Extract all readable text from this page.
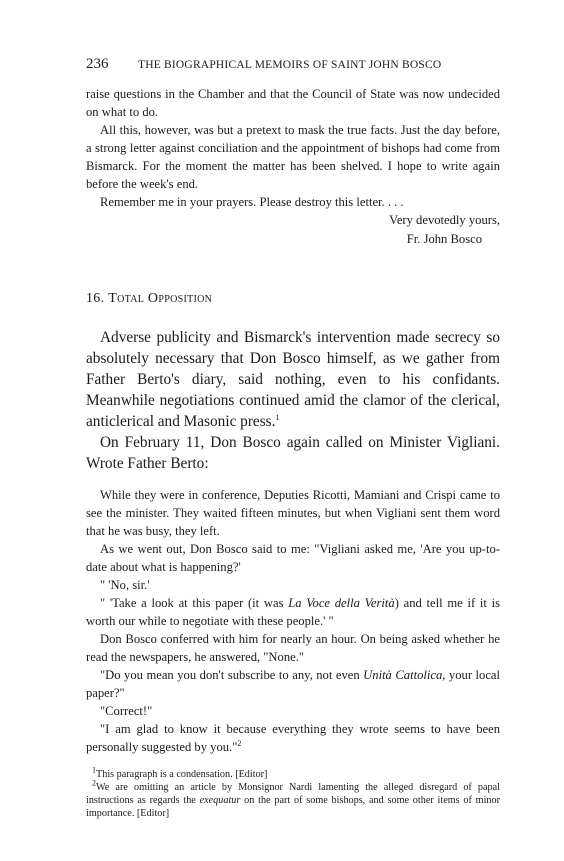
236	THE BIOGRAPHICAL MEMOIRS OF SAINT JOHN BOSCO

raise questions in the Chamber and that the Council of State was now undecided on what to do.

All this, however, was but a pretext to mask the true facts. Just the day before, a strong letter against conciliation and the appointment of bishops had come from Bismarck. For the moment the matter has been shelved. I hope to write again before the week's end.

Remember me in your prayers. Please destroy this letter. . . .

Very devotedly yours,
Fr. John Bosco
16. Total Opposition

Adverse publicity and Bismarck's intervention made secrecy so absolutely necessary that Don Bosco himself, as we gather from Father Berto's diary, said nothing, even to his confidants. Meanwhile negotiations continued amid the clamor of the clerical, anticlerical and Masonic press.$^1$

On February 11, Don Bosco again called on Minister Vigliani. Wrote Father Berto:

While they were in conference, Deputies Ricotti, Mamiani and Crispi came to see the minister. They waited fifteen minutes, but when Vigliani sent them word that he was busy, they left.

As we went out, Don Bosco said to me: "Vigliani asked me, 'Are you up-to-date about what is happening?'

" 'No, sir.'

" 'Take a look at this paper (it was La Voce della Verità) and tell me if it is worth our while to negotiate with these people.' "

Don Bosco conferred with him for nearly an hour. On being asked whether he read the newspapers, he answered, "None."

"Do you mean you don't subscribe to any, not even Unità Cattolica, your local paper?"

"Correct!"

"I am glad to know it because everything they wrote seems to have been personally suggested by you."$^2$

$^1$This paragraph is a condensation. [Editor]

$^2$We are omitting an article by Monsignor Nardi lamenting the alleged disregard of papal instructions as regards the exequatur on the part of some bishops, and some other items of minor importance. [Editor]
